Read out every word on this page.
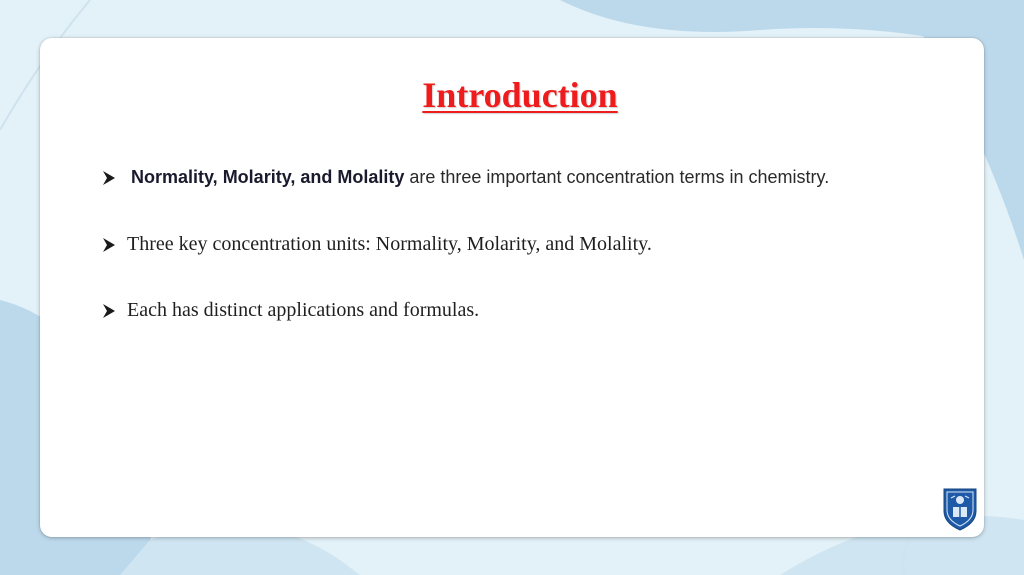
Introduction
Normality, Molarity, and Molality are three important concentration terms in chemistry.
Three key concentration units: Normality, Molarity, and Molality.
Each has distinct applications and formulas.
